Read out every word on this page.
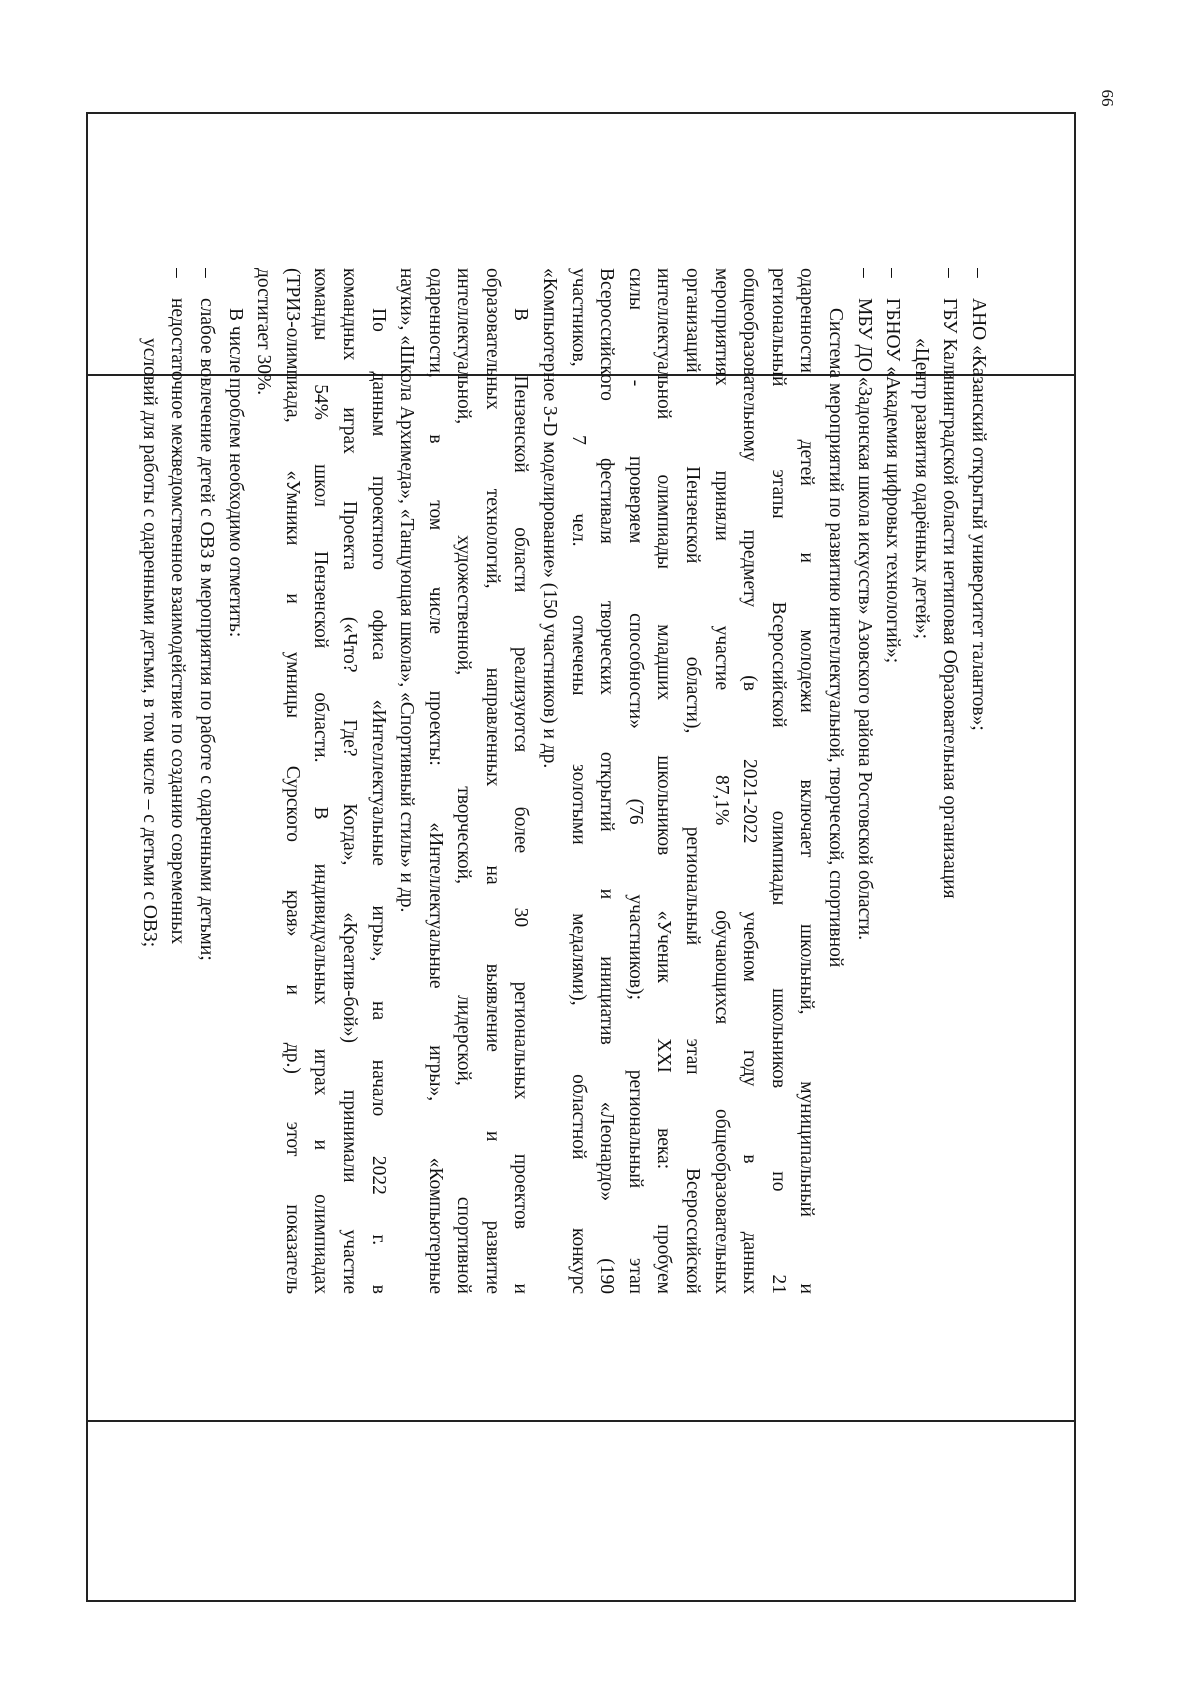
66
–АНО «Казанский открытый университет талантов»;
–ГБУ Калининградской области нетиповая Образовательная организация
«Центр развития одарённых детей»;
–ГБНОУ «Академия цифровых технологий»;
–МБУ ДО «Задонская школа искусств» Азовского района Ростовской области.
Система мероприятий по развитию интеллектуальной, творческой, спортивной
одаренности детей и молодежи включает школьный, муниципальный и
региональный этапы Всероссийской олимпиады школьников по 21
общеобразовательному предмету (в 2021-2022 учебном году в данных
мероприятиях приняли участие 87,1% обучающихся общеобразовательных
организаций Пензенской области), региональный этап Всероссийской
интеллектуальной олимпиады младших школьников «Ученик XXI века: пробуем
силы - проверяем способности» (76 участников); региональный этап
Всероссийского фестиваля творческих открытий и инициатив «Леонардо» (190
участников, 7 чел. отмечены золотыми медалями), областной конкурс
«Компьютерное 3-D моделирование» (150 участников) и др.
В Пензенской области реализуются более 30 региональных проектов и
образовательных технологий, направленных на выявление и развитие
интеллектуальной, художественной, творческой, лидерской, спортивной
одаренности, в том числе проекты: «Интеллектуальные игры», «Компьютерные
науки», «Школа Архимеда», «Танцующая школа», «Спортивный стиль» и др.
По данным проектного офиса «Интеллектуальные игры», на начало 2022 г. в
командных играх Проекта («Что? Где? Когда», «Креатив-бой») принимали участие
команды 54% школ Пензенской области. В индивидуальных играх и олимпиадах
(ТРИЗ-олимпиада, «Умники и умницы Сурского края» и др.) этот показатель
достигает 30%.
В числе проблем необходимо отметить:
–слабое вовлечение детей с ОВЗ в мероприятия по работе с одаренными детьми;
–недостаточное межведомственное взаимодействие по созданию современных
условий для работы с одаренными детьми, в том числе – с детьми с ОВЗ;
